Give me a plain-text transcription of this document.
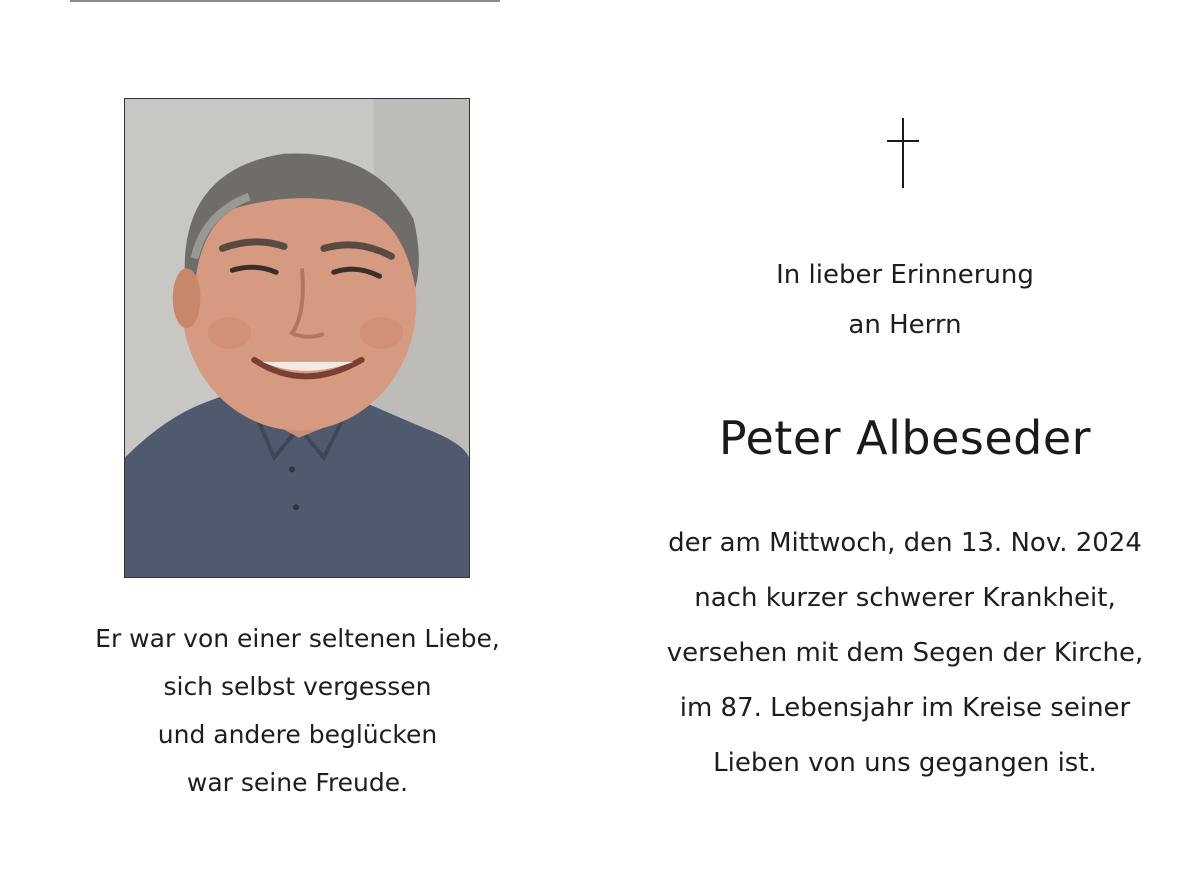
Er war von einer seltenen Liebe,
sich selbst vergessen
und andere beglücken
war seine Freude.
In lieber Erinnerung
an Herrn
Peter Albeseder
der am Mittwoch, den 13. Nov. 2024
nach kurzer schwerer Krankheit,
versehen mit dem Segen der Kirche,
im 87. Lebensjahr im Kreise seiner
Lieben von uns gegangen ist.
